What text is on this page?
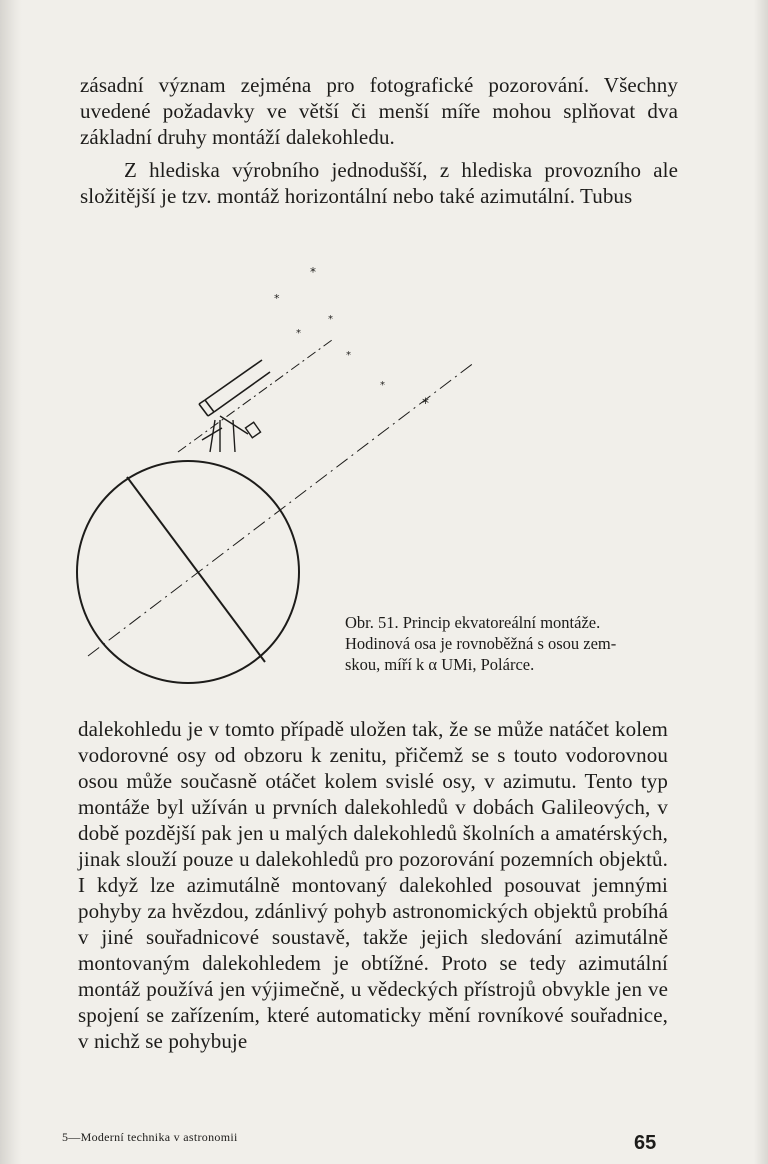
zásadní význam zejména pro fotografické pozorování. Všechny uvedené požadavky ve větší či menší míře mohou splňovat dva základní druhy montáží dalekohledu.

Z hlediska výrobního jednodušší, z hlediska provozního ale složitější je tzv. montáž horizontální nebo také azimutální. Tubus

*
*
*
*
*
*
*

Obr. 51. Princip ekvatoreální montáže.
Hodinová osa je rovnoběžná s osou zem-
skou, míří k α UMi, Polárce.

dalekohledu je v tomto případě uložen tak, že se může natáčet kolem vodorovné osy od obzoru k zenitu, přičemž se s touto vodorovnou osou může současně otáčet kolem svislé osy, v azimutu. Tento typ montáže byl užíván u prvních dalekohledů v dobách Galileových, v době pozdější pak jen u malých dalekohledů školních a amatérských, jinak slouží pouze u dalekohledů pro pozorování pozemních objektů. I když lze azimutálně montovaný dalekohled posouvat jemnými pohyby za hvězdou, zdánlivý pohyb astronomických objektů probíhá v jiné souřadnicové soustavě, takže jejich sledování azimutálně montovaným dalekohledem je obtížné. Proto se tedy azimutální montáž používá jen výjimečně, u vědeckých přístrojů obvykle jen ve spojení se zařízením, které automaticky mění rovníkové souřadnice, v nichž se pohybuje

5—Moderní technika v astronomii	65
